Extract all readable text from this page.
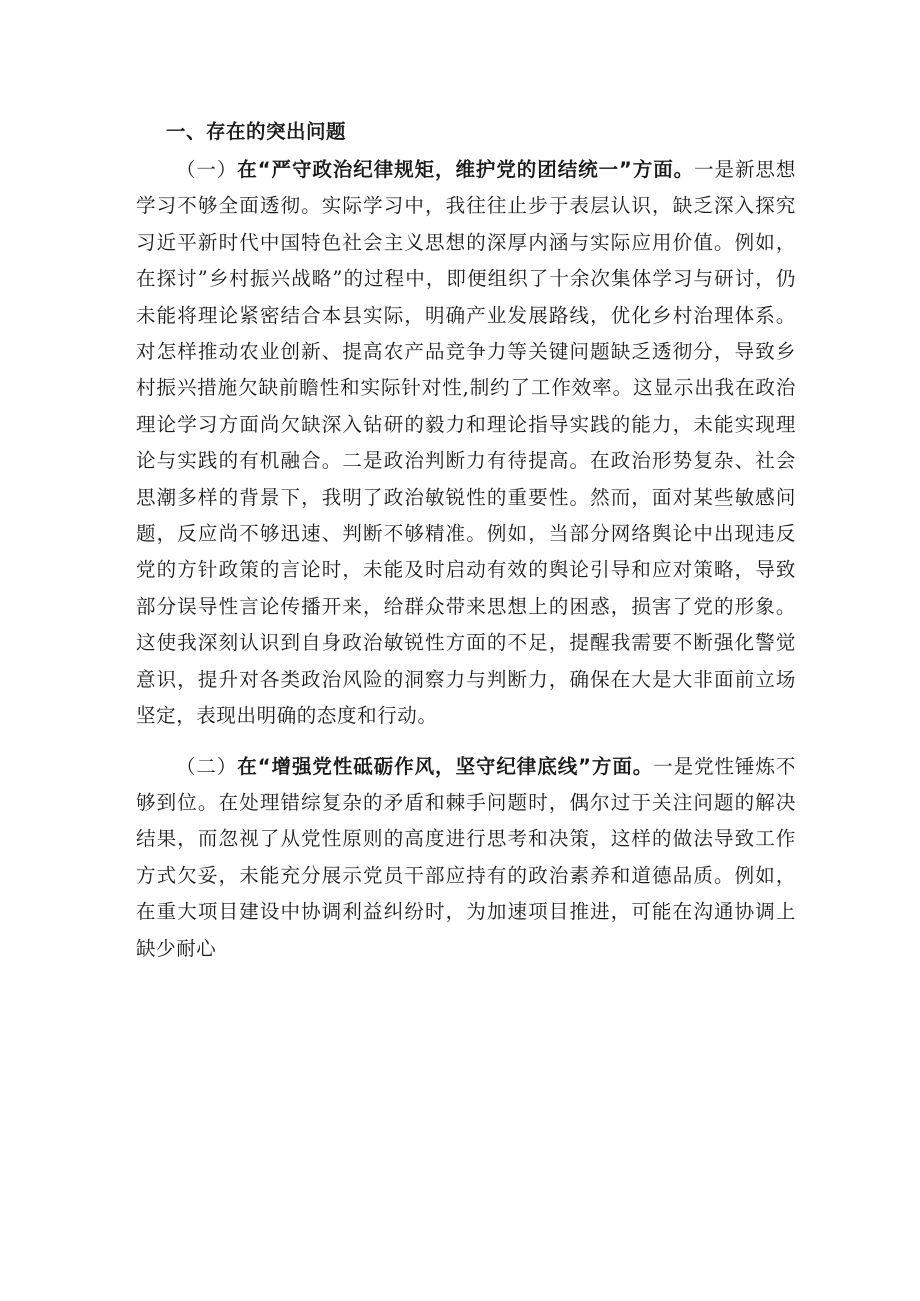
一、存在的突出问题

（一）在“严守政治纪律规矩，维护党的团结统一”方面。一是新思想学习不够全面透彻。实际学习中，我往往止步于表层认识，缺乏深入探究习近平新时代中国特色社会主义思想的深厚内涵与实际应用价值。例如，在探讨”乡村振兴战略”的过程中，即便组织了十余次集体学习与研讨，仍未能将理论紧密结合本县实际，明确产业发展路线，优化乡村治理体系。对怎样推动农业创新、提高农产品竞争力等关键问题缺乏透彻分，导致乡村振兴措施欠缺前瞻性和实际针对性,制约了工作效率。这显示出我在政治理论学习方面尚欠缺深入钻研的毅力和理论指导实践的能力，未能实现理论与实践的有机融合。二是政治判断力有待提高。在政治形势复杂、社会思潮多样的背景下，我明了政治敏锐性的重要性。然而，面对某些敏感问题，反应尚不够迅速、判断不够精准。例如，当部分网络舆论中出现违反党的方针政策的言论时，未能及时启动有效的舆论引导和应对策略，导致部分误导性言论传播开来，给群众带来思想上的困惑，损害了党的形象。这使我深刻认识到自身政治敏锐性方面的不足，提醒我需要不断强化警觉意识，提升对各类政治风险的洞察力与判断力，确保在大是大非面前立场坚定，表现出明确的态度和行动。

（二）在“增强党性砥砺作风，坚守纪律底线”方面。一是党性锤炼不够到位。在处理错综复杂的矛盾和棘手问题时，偶尔过于关注问题的解决结果，而忽视了从党性原则的高度进行思考和决策，这样的做法导致工作方式欠妥，未能充分展示党员干部应持有的政治素养和道德品质。例如，在重大项目建设中协调利益纠纷时，为加速项目推进，可能在沟通协调上缺少耐心
